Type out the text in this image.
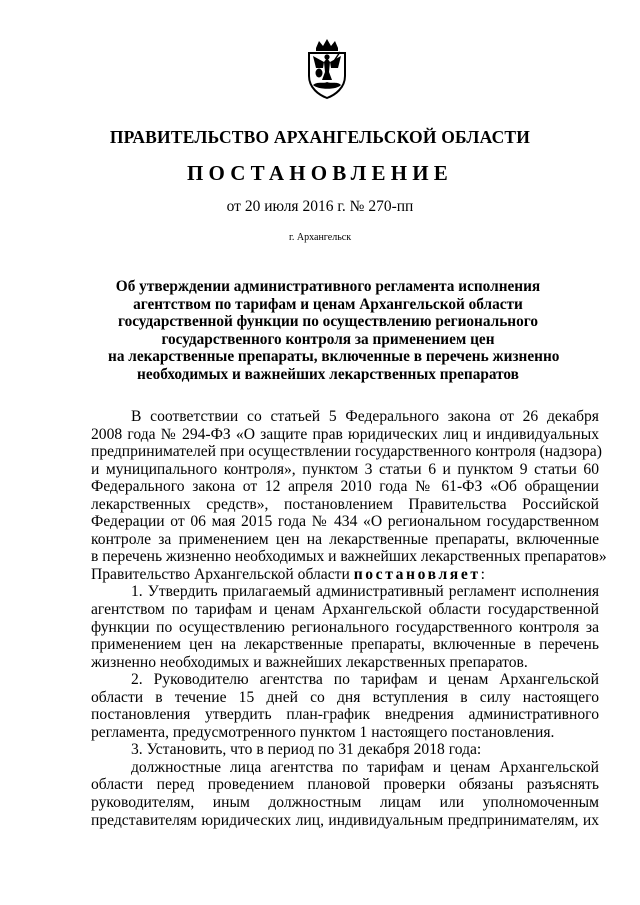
ПРАВИТЕЛЬСТВО АРХАНГЕЛЬСКОЙ ОБЛАСТИ
ПОСТАНОВЛЕНИЕ
от 20 июля 2016 г. № 270-пп
г. Архангельск
Об утверждении административного регламента исполнения
агентством по тарифам и ценам Архангельской области
государственной функции по осуществлению регионального
государственного контроля за применением цен
на лекарственные препараты, включенные в перечень жизненно
необходимых и важнейших лекарственных препаратов
В соответствии со статьей 5 Федерального закона от 26 декабря
2008 года № 294-ФЗ «О защите прав юридических лиц и индивидуальных
предпринимателей при осуществлении государственного контроля (надзора)
и муниципального контроля», пунктом 3 статьи 6 и пунктом 9 статьи 60
Федерального закона от 12 апреля 2010 года № 61-ФЗ «Об обращении
лекарственных средств», постановлением Правительства Российской
Федерации от 06 мая 2015 года № 434 «О региональном государственном
контроле за применением цен на лекарственные препараты, включенные
в перечень жизненно необходимых и важнейших лекарственных препаратов»
Правительство Архангельской области постановляет:
1. Утвердить прилагаемый административный регламент исполнения
агентством по тарифам и ценам Архангельской области государственной
функции по осуществлению регионального государственного контроля за
применением цен на лекарственные препараты, включенные в перечень
жизненно необходимых и важнейших лекарственных препаратов.
2. Руководителю агентства по тарифам и ценам Архангельской
области в течение 15 дней со дня вступления в силу настоящего
постановления утвердить план-график внедрения административного
регламента, предусмотренного пунктом 1 настоящего постановления.
3. Установить, что в период по 31 декабря 2018 года:
должностные лица агентства по тарифам и ценам Архангельской
области перед проведением плановой проверки обязаны разъяснять
руководителям, иным должностным лицам или уполномоченным
представителям юридических лиц, индивидуальным предпринимателям, их
